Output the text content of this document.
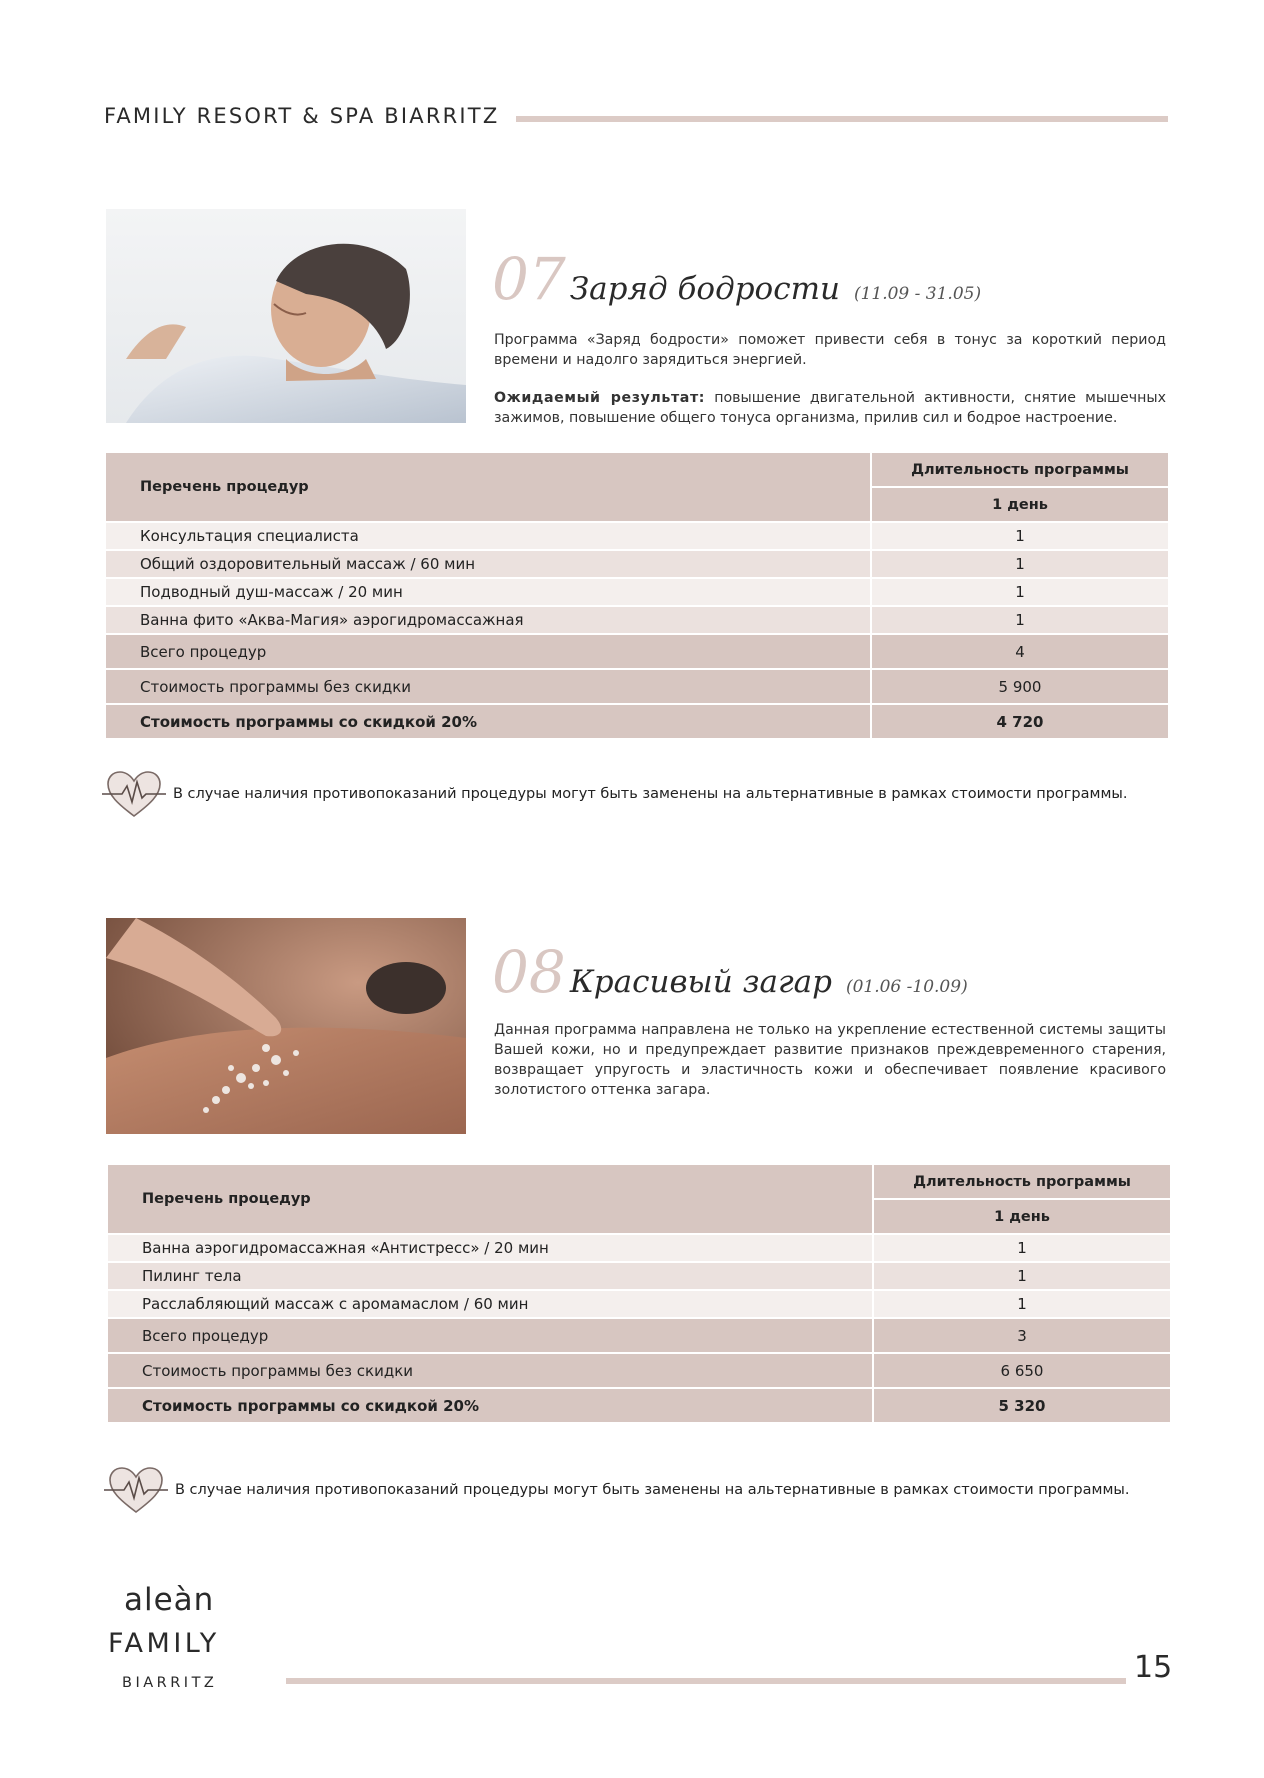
FAMILY RESORT & SPA BIARRITZ
07 Заряд бодрости (11.09 - 31.05)

Программа «Заряд бодрости» поможет привести себя в тонус за короткий период времени и надолго зарядиться энергией.

Ожидаемый результат: повышение двигательной активности, снятие мышечных зажимов, повышение общего тонуса организма, прилив сил и бодрое настроение.

Перечень процедур	Длительность программы
	1 день
Консультация специалиста	1
Общий оздоровительный массаж / 60 мин	1
Подводный душ-массаж / 20 мин	1
Ванна фито «Аква-Магия» аэрогидромассажная	1
Всего процедур	4
Стоимость программы без скидки	5 900
Стоимость программы со скидкой 20%	4 720
В случае наличия противопоказаний процедуры могут быть заменены на альтернативные в рамках стоимости программы.
08 Красивый загар (01.06 -10.09)

Данная программа направлена не только на укрепление естественной системы защиты Вашей кожи, но и предупреждает развитие признаков преждевременного старения, возвращает упругость и эластичность кожи и обеспечивает появление красивого золотистого оттенка загара.

Перечень процедур	Длительность программы
	1 день
Ванна аэрогидромассажная «Антистресс» / 20 мин	1
Пилинг тела	1
Расслабляющий массаж с аромамаслом / 60 мин	1
Всего процедур	3
Стоимость программы без скидки	6 650
Стоимость программы со скидкой 20%	5 320
В случае наличия противопоказаний процедуры могут быть заменены на альтернативные в рамках стоимости программы.
aleàn
FAMILY
BIARRITZ	15
